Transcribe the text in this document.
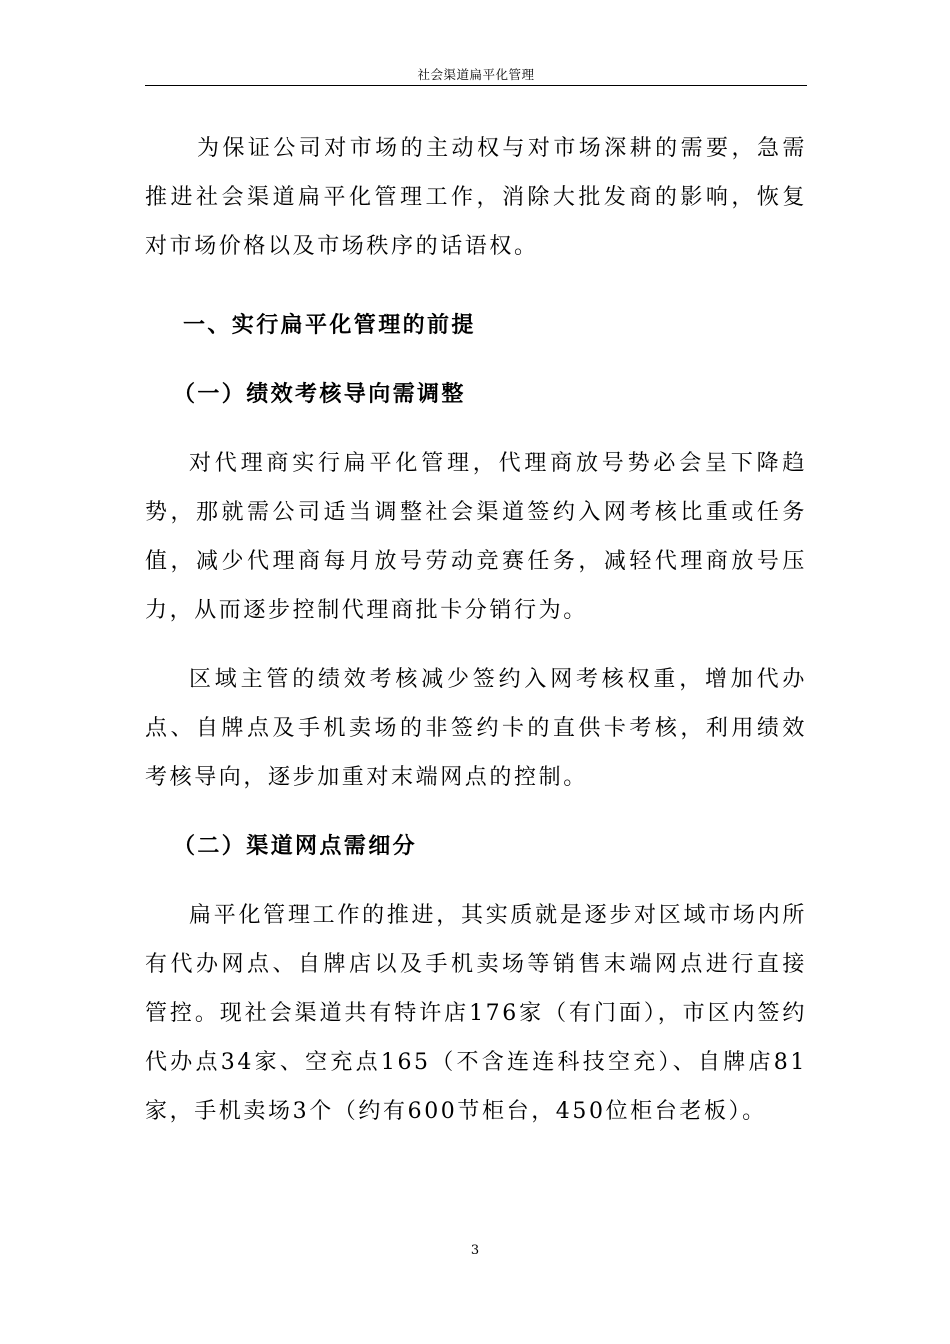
社会渠道扁平化管理

为保证公司对市场的主动权与对市场深耕的需要，急需推进社会渠道扁平化管理工作，消除大批发商的影响，恢复对市场价格以及市场秩序的话语权。

一、实行扁平化管理的前提
（一）绩效考核导向需调整

对代理商实行扁平化管理，代理商放号势必会呈下降趋势，那就需公司适当调整社会渠道签约入网考核比重或任务值，减少代理商每月放号劳动竞赛任务，减轻代理商放号压力，从而逐步控制代理商批卡分销行为。

区域主管的绩效考核减少签约入网考核权重，增加代办点、自牌点及手机卖场的非签约卡的直供卡考核，利用绩效考核导向，逐步加重对末端网点的控制。

（二）渠道网点需细分

扁平化管理工作的推进，其实质就是逐步对区域市场内所有代办网点、自牌店以及手机卖场等销售末端网点进行直接管控。现社会渠道共有特许店176家（有门面），市区内签约代办点34家、空充点165（不含连连科技空充）、自牌店81家，手机卖场3个（约有600节柜台，450位柜台老板）。

3
